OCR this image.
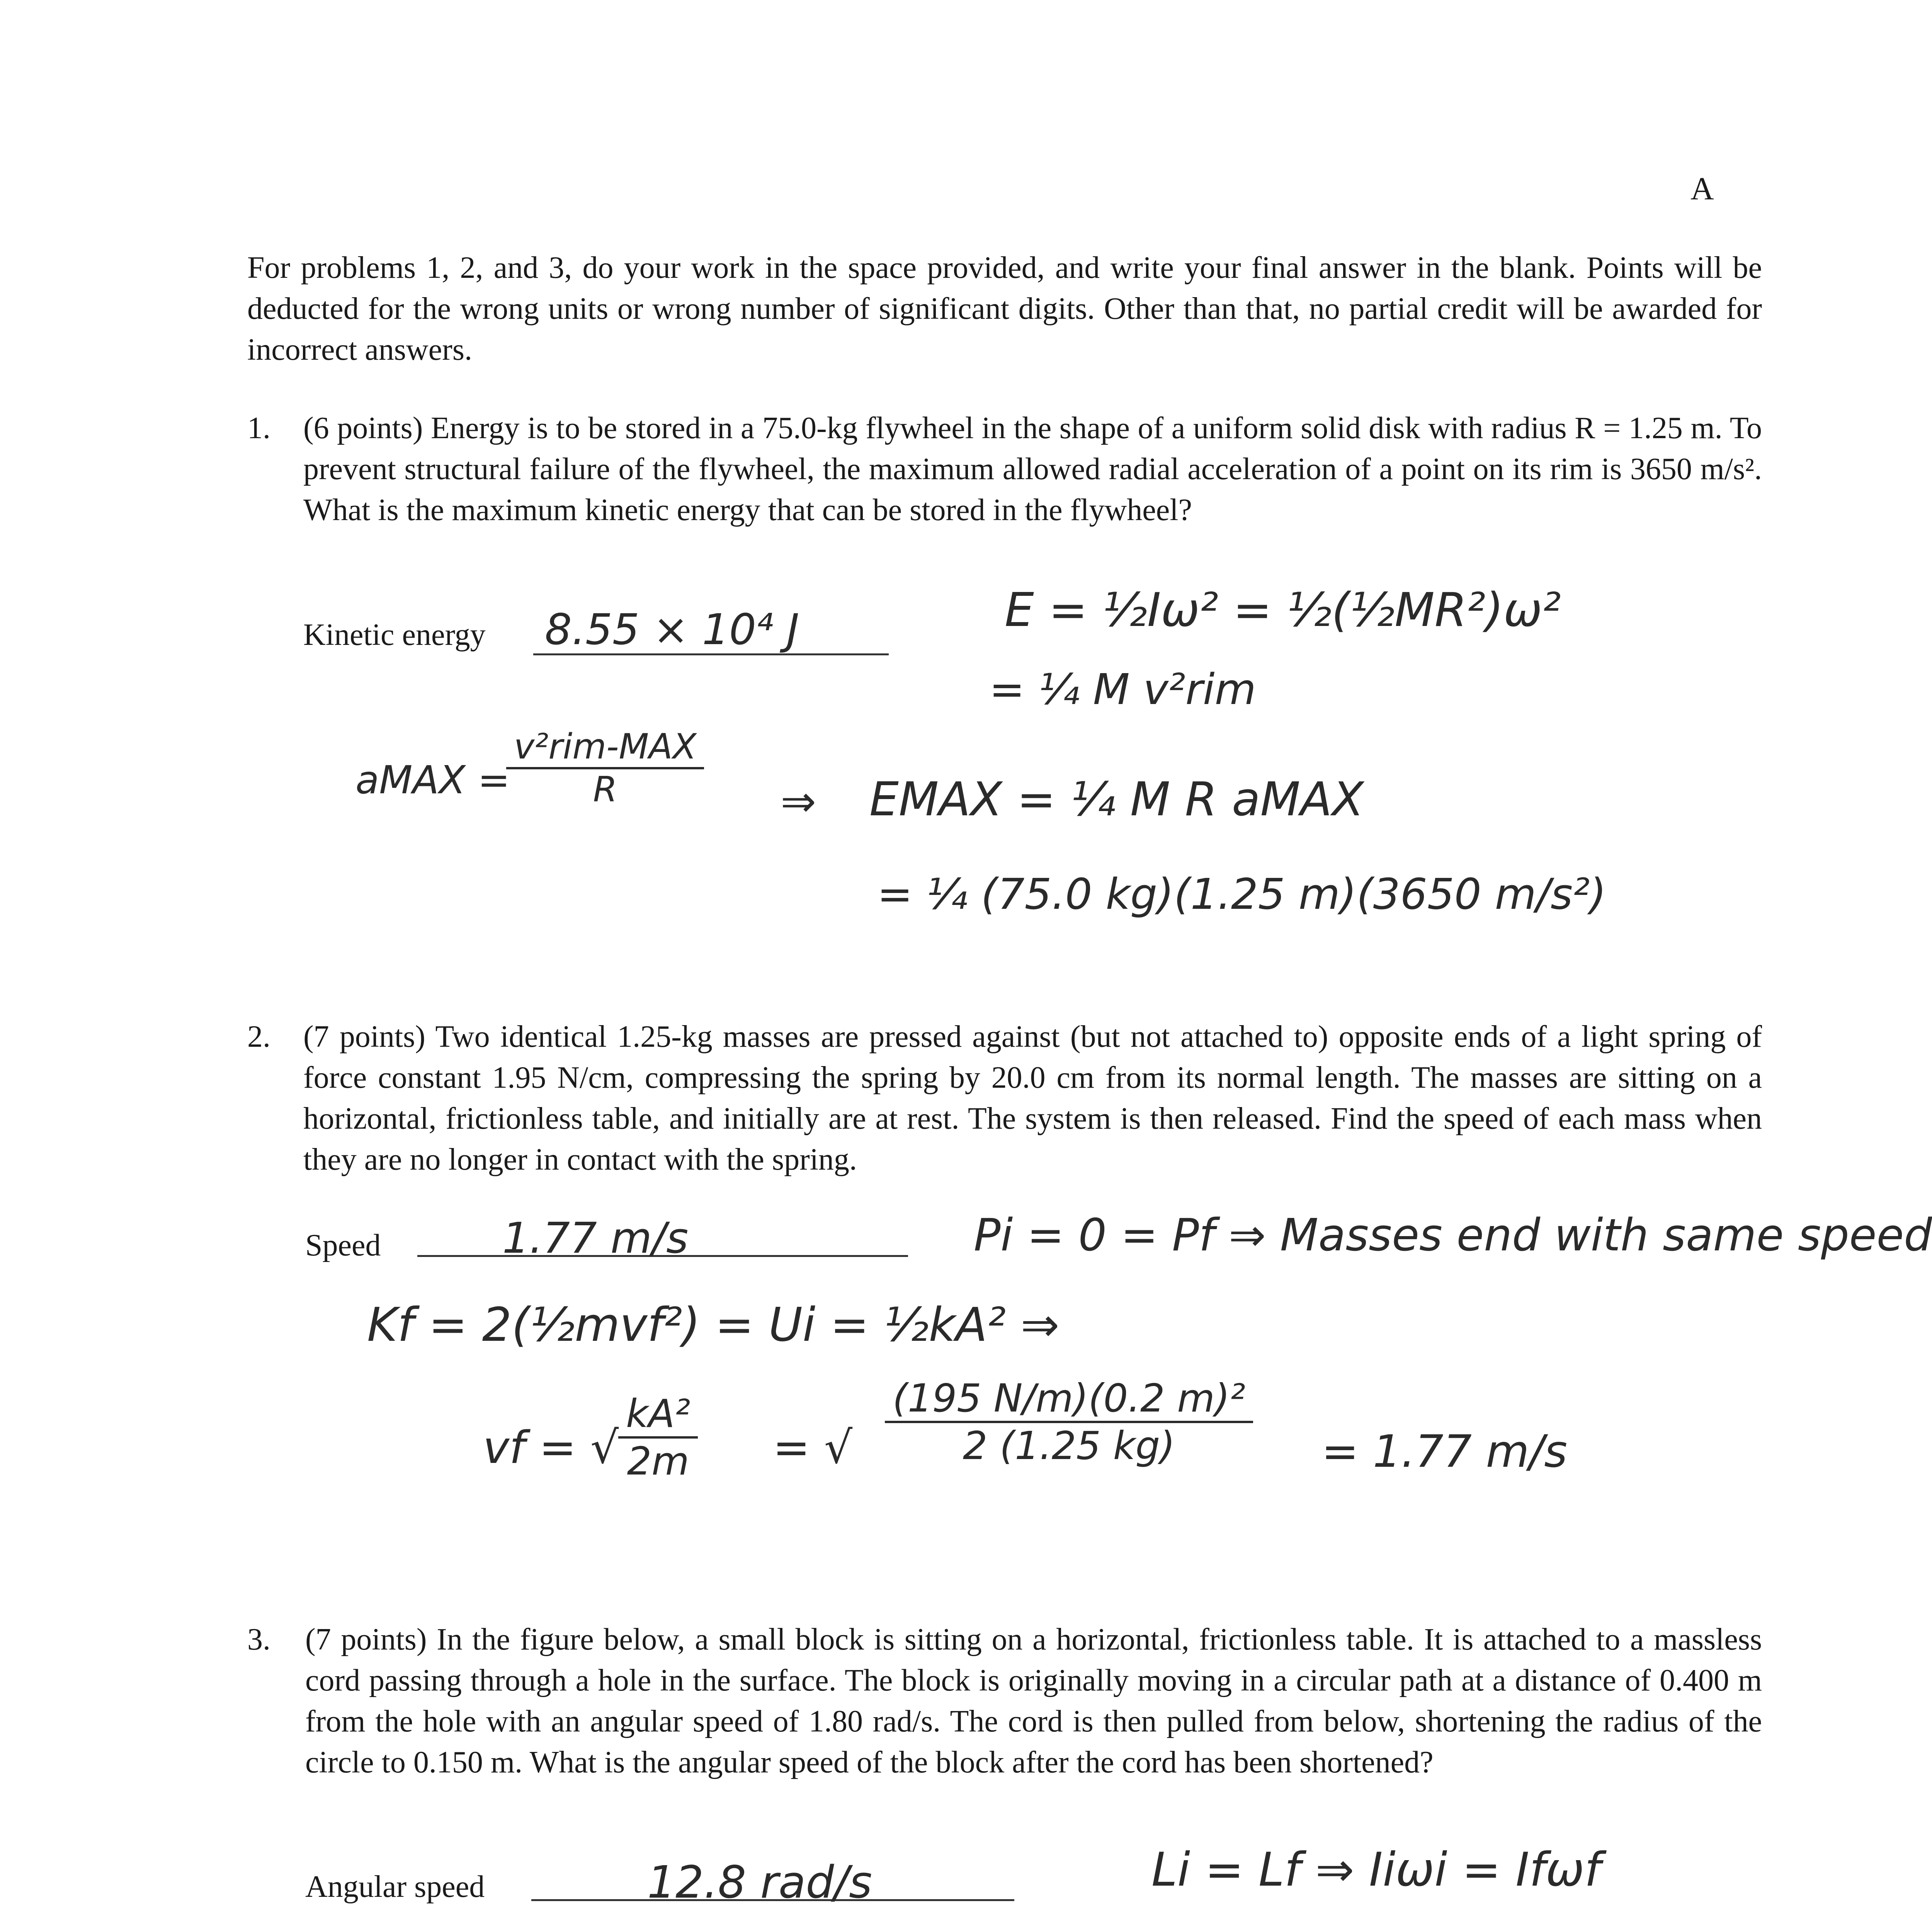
A
For problems 1, 2, and 3, do your work in the space provided, and write your final answer in the blank. Points will be deducted for the wrong units or wrong number of significant digits. Other than that, no partial credit will be awarded for incorrect answers.
1. (6 points) Energy is to be stored in a 75.0-kg flywheel in the shape of a uniform solid disk with radius R = 1.25 m. To prevent structural failure of the flywheel, the maximum allowed radial acceleration of a point on its rim is 3650 m/s². What is the maximum kinetic energy that can be stored in the flywheel?
Kinetic energy 8.55 × 10⁴ J	E = ½Iω² = ½(½MR²)ω²
= ¼ M v²rim
aMAX =
v²rim-MAX
R	⇒ EMAX = ¼ M R aMAX
= ¼ (75.0 kg)(1.25 m)(3650 m/s²)
2. (7 points) Two identical 1.25-kg masses are pressed against (but not attached to) opposite ends of a light spring of force constant 1.95 N/cm, compressing the spring by 20.0 cm from its normal length. The masses are sitting on a horizontal, frictionless table, and initially are at rest. The system is then released. Find the speed of each mass when they are no longer in contact with the spring.
Speed	1.77 m/s	Pi = 0 = Pf ⇒ Masses end with same speed
Kf = 2(½mvf²) = Ui = ½kA² ⇒
vf = √
$\frac{\text{kA²}}{2m}$ = √ $\frac{\text{(195 N/m)(0.2 m)²}}{2 (1.25 kg)} = 1.77$ m/s
3. (7 points) In the figure below, a small block is sitting on a horizontal, frictionless table. It is attached to a massless cord passing through a hole in the surface. The block is originally moving in a circular path at a distance of 0.400 m from the hole with an angular speed of 1.80 rad/s. The cord is then pulled from below, shortening the radius of the circle to 0.150 m. What is the angular speed of the block after the cord has been shortened?
Angular speed	12.8 rad/s	Li = Lf ⇒ Iiωi = Ifωf
